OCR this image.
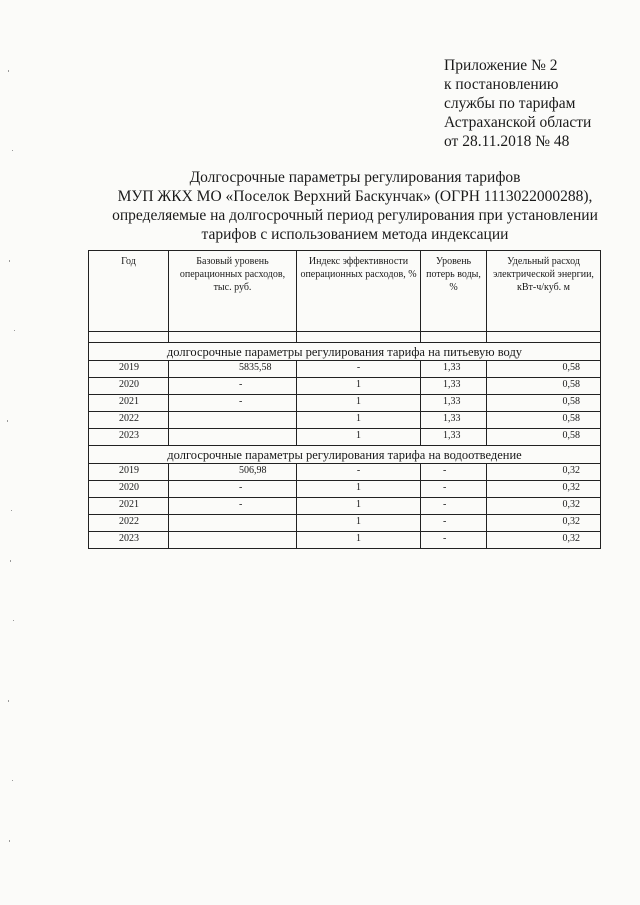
Приложение № 2
к постановлению
службы по тарифам
Астраханской области
от 28.11.2018 № 48
Долгосрочные параметры регулирования тарифов
МУП ЖКХ МО «Поселок Верхний Баскунчак» (ОГРН 1113022000288),
определяемые на долгосрочный период регулирования при установлении
тарифов с использованием метода индексации
Год	Базовый уровень операционных расходов, тыс. руб.	Индекс эффективности операционных расходов, %	Уровень потерь воды, %	Удельный расход электрической энергии, кВт-ч/куб. м

долгосрочные параметры регулирования тарифа на питьевую воду				
2019	5835,58	-	1,33	0,58
2020	-	1	1,33	0,58
2021	-	1	1,33	0,58
2022		1	1,33	0,58
2023		1	1,33	0,58
долгосрочные параметры регулирования тарифа на водоотведение				
2019	506,98	-	-	0,32
2020	-	1	-	0,32
2021	-	1	-	0,32
2022		1	-	0,32
2023		1	-	0,32
